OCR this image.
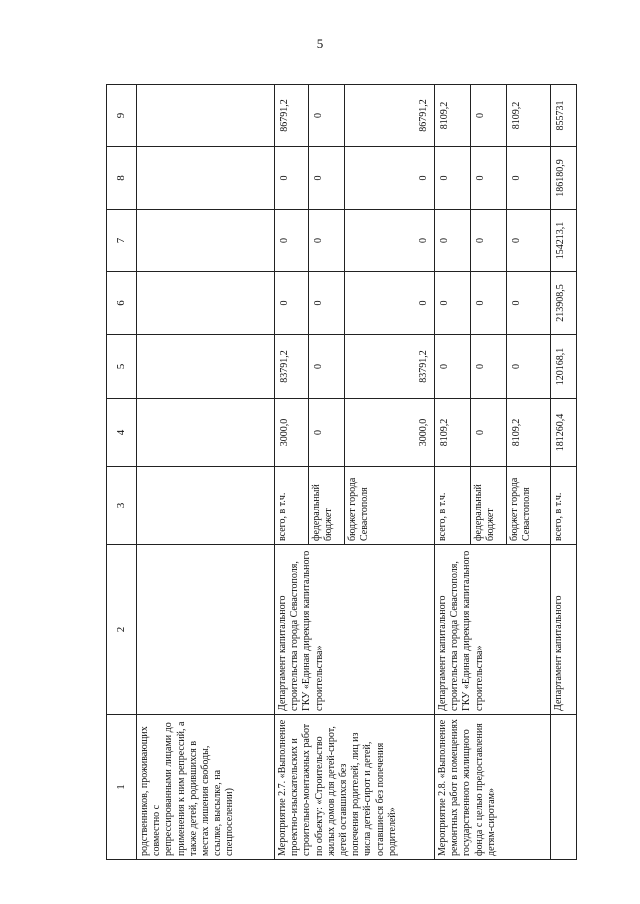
5
1	2	3	4	5	6	7	8	9
родственников, проживающих совместно с репрессированными лицами до применения к ним репрессий, а также детей, родившихся в местах лишения свободы, ссылке, высылке, на спецпоселении)								
Мероприятие 2.7. «Выполнение проектно-изыскательских и строительно-монтажных работ по объекту: «Строительство жилых домов для детей-сирот, детей оставшихся без попечения родителей, лиц из числа детей-сирот и детей, оставшиеся без попечения родителей»	Департамент капитального строительства города Севастополя, ГКУ «Единая дирекция капитального строительства»	всего, в т.ч.	3000,0	83791,2	0	0	0	86791,2
		федеральный бюджет	0	0	0	0	0	0
		бюджет города Севастополя	3000,0	83791,2	0	0	0	86791,2
Мероприятие 2.8. «Выполнение ремонтных работ в помещениях государственного жилищного фонда с целью предоставления детям-сиротам»	Департамент капитального строительства города Севастополя, ГКУ «Единая дирекция капитального строительства»	всего, в т.ч.	8109,2	0	0	0	0	8109,2
		федеральный бюджет	0	0	0	0	0	0
		бюджет города Севастополя	8109,2	0	0	0	0	8109,2
	Департамент капитального	всего, в т.ч.	181260,4	120168,1	213908,5	154213,1	186180,9	855731
